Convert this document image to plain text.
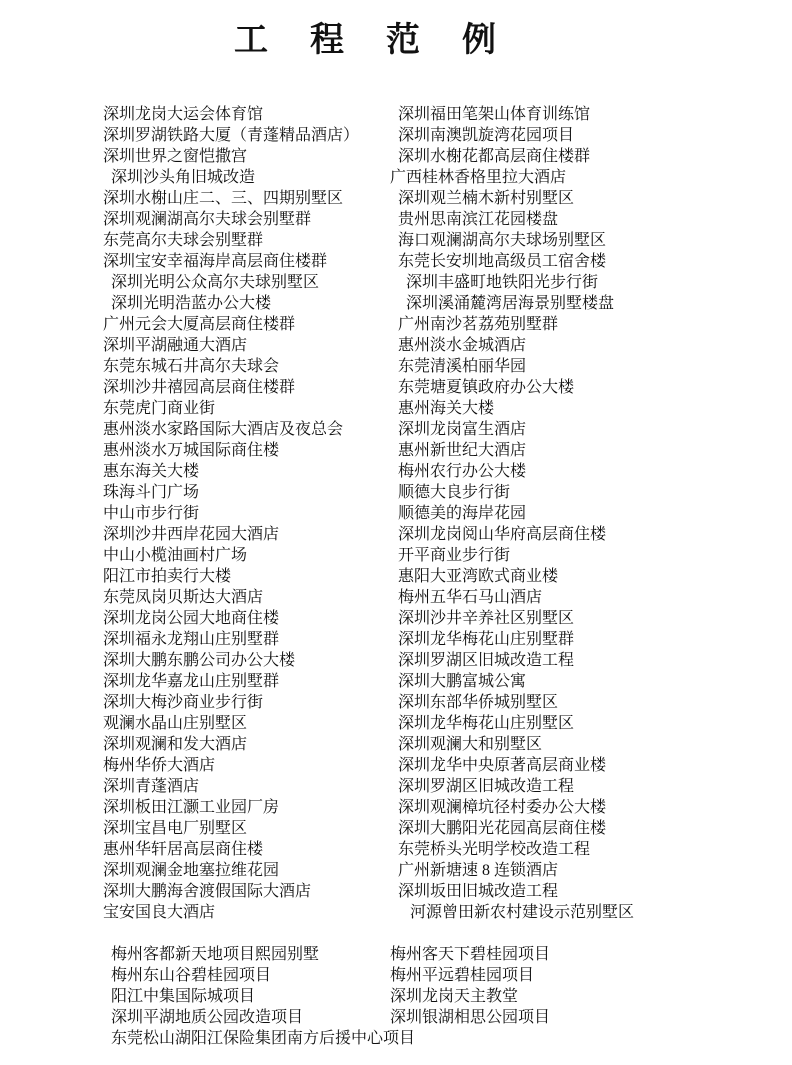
工程范例
深圳龙岗大运会体育馆	深圳福田笔架山体育训练馆
深圳罗湖铁路大厦（青蓬精品酒店）	深圳南澳凯旋湾花园项目
深圳世界之窗恺撒宫	深圳水榭花都高层商住楼群
深圳沙头角旧城改造	广西桂林香格里拉大酒店
深圳水榭山庄二、三、四期别墅区	深圳观兰楠木新村别墅区
深圳观澜湖高尔夫球会别墅群	贵州思南滨江花园楼盘
东莞高尔夫球会别墅群	海口观澜湖高尔夫球场别墅区
深圳宝安幸福海岸高层商住楼群	东莞长安圳地高级员工宿舍楼
深圳光明公众高尔夫球别墅区	深圳丰盛町地铁阳光步行街
深圳光明浩蓝办公大楼	深圳溪涌麓湾居海景别墅楼盘
广州元会大厦高层商住楼群	广州南沙茗荔苑别墅群
深圳平湖融通大酒店	惠州淡水金城酒店
东莞东城石井高尔夫球会	东莞清溪柏丽华园
深圳沙井禧园高层商住楼群	东莞塘夏镇政府办公大楼
东莞虎门商业街	惠州海关大楼
惠州淡水家路国际大酒店及夜总会	深圳龙岗富生酒店
惠州淡水万城国际商住楼	惠州新世纪大酒店
惠东海关大楼	梅州农行办公大楼
珠海斗门广场	顺德大良步行街
中山市步行街	顺德美的海岸花园
深圳沙井西岸花园大酒店	深圳龙岗阅山华府高层商住楼
中山小榄油画村广场	开平商业步行街
阳江市拍卖行大楼	惠阳大亚湾欧式商业楼
东莞凤岗贝斯达大酒店	梅州五华石马山酒店
深圳龙岗公园大地商住楼	深圳沙井辛养社区别墅区
深圳福永龙翔山庄别墅群	深圳龙华梅花山庄别墅群
深圳大鹏东鹏公司办公大楼	深圳罗湖区旧城改造工程
深圳龙华嘉龙山庄别墅群	深圳大鹏富城公寓
深圳大梅沙商业步行街	深圳东部华侨城别墅区
观澜水晶山庄别墅区	深圳龙华梅花山庄别墅区
深圳观澜和发大酒店	深圳观澜大和别墅区
梅州华侨大酒店	深圳龙华中央原著高层商业楼
深圳青蓬酒店	深圳罗湖区旧城改造工程
深圳板田江灏工业园厂房	深圳观澜樟坑径村委办公大楼
深圳宝昌电厂别墅区	深圳大鹏阳光花园高层商住楼
惠州华轩居高层商住楼	东莞桥头光明学校改造工程
深圳观澜金地塞拉维花园	广州新塘速 8 连锁酒店
深圳大鹏海舍渡假国际大酒店	深圳坂田旧城改造工程
宝安国良大酒店	河源曾田新农村建设示范别墅区
梅州客都新天地项目熙园别墅	梅州客天下碧桂园项目
梅州东山谷碧桂园项目	梅州平远碧桂园项目
阳江中集国际城项目	深圳龙岗天主教堂
深圳平湖地质公园改造项目	深圳银湖相思公园项目
东莞松山湖阳江保险集团南方后援中心项目
